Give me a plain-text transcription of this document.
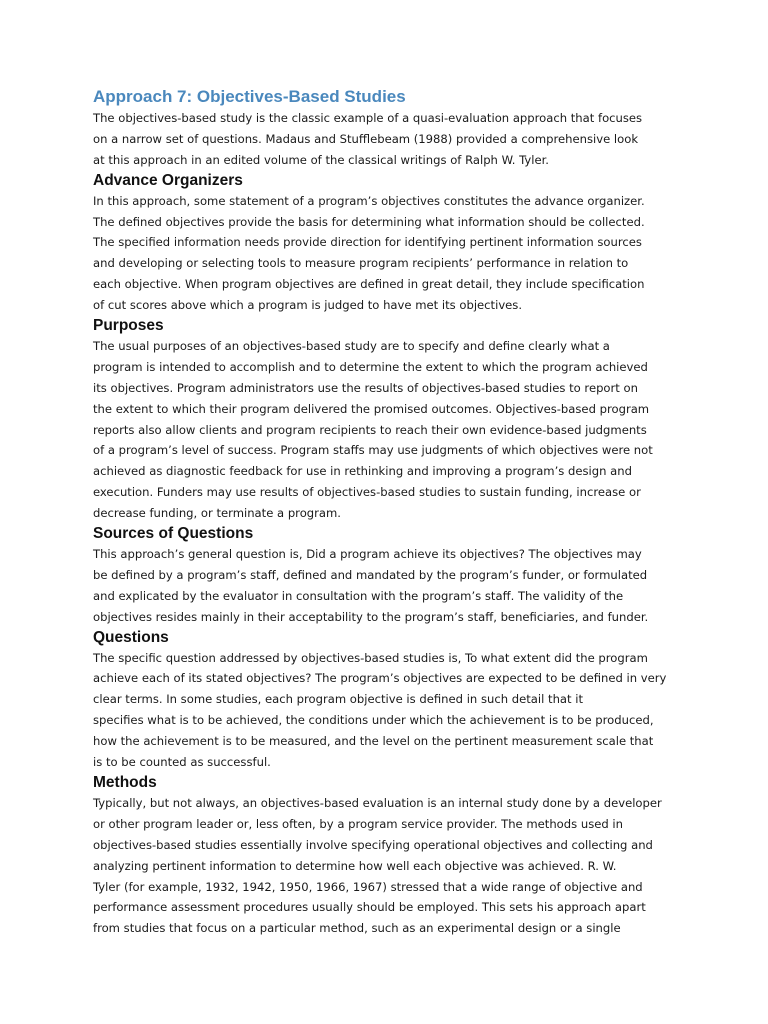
Approach 7: Objectives-Based Studies

The objectives-based study is the classic example of a quasi-evaluation approach that focuses

on a narrow set of questions. Madaus and Stufflebeam (1988) provided a comprehensive look

at this approach in an edited volume of the classical writings of Ralph W. Tyler.

Advance Organizers

In this approach, some statement of a program’s objectives constitutes the advance organizer.

The defined objectives provide the basis for determining what information should be collected.

The specified information needs provide direction for identifying pertinent information sources

and developing or selecting tools to measure program recipients’ performance in relation to

each objective. When program objectives are defined in great detail, they include specification

of cut scores above which a program is judged to have met its objectives.

Purposes

The usual purposes of an objectives-based study are to specify and define clearly what a

program is intended to accomplish and to determine the extent to which the program achieved

its objectives. Program administrators use the results of objectives-based studies to report on

the extent to which their program delivered the promised outcomes. Objectives-based program

reports also allow clients and program recipients to reach their own evidence-based judgments

of a program’s level of success. Program staffs may use judgments of which objectives were not

achieved as diagnostic feedback for use in rethinking and improving a program’s design and

execution. Funders may use results of objectives-based studies to sustain funding, increase or

decrease funding, or terminate a program.

Sources of Questions

This approach’s general question is, Did a program achieve its objectives? The objectives may

be defined by a program’s staff, defined and mandated by the program’s funder, or formulated

and explicated by the evaluator in consultation with the program’s staff. The validity of the

objectives resides mainly in their acceptability to the program’s staff, beneficiaries, and funder.

Questions

The specific question addressed by objectives-based studies is, To what extent did the program

achieve each of its stated objectives? The program’s objectives are expected to be defined in very

clear terms. In some studies, each program objective is defined in such detail that it

specifies what is to be achieved, the conditions under which the achievement is to be produced,

how the achievement is to be measured, and the level on the pertinent measurement scale that

is to be counted as successful.

Methods

Typically, but not always, an objectives-based evaluation is an internal study done by a developer

or other program leader or, less often, by a program service provider. The methods used in

objectives-based studies essentially involve specifying operational objectives and collecting and

analyzing pertinent information to determine how well each objective was achieved. R. W.

Tyler (for example, 1932, 1942, 1950, 1966, 1967) stressed that a wide range of objective and

performance assessment procedures usually should be employed. This sets his approach apart

from studies that focus on a particular method, such as an experimental design or a single
